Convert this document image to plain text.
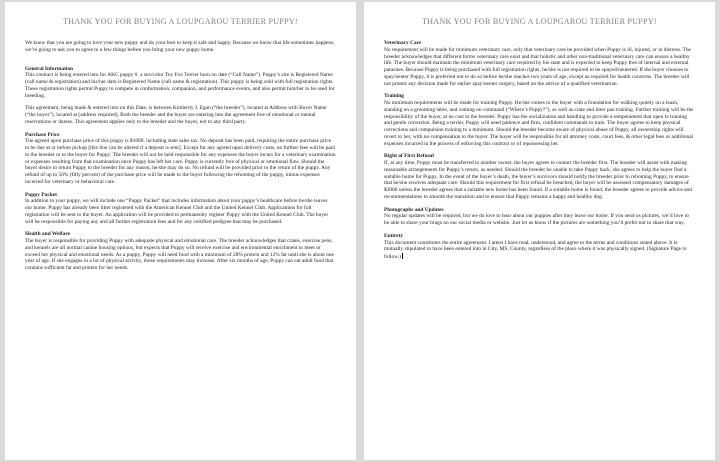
THANK YOU FOR BUYING A LOUPGAROU TERRIER PUPPY!

We know that you are going to love your new puppy and do your best to keep it safe and happy. Because we know that life sometimes happens, we’re going to ask you to agree to a few things before you bring your new puppy home.

General Information

This contract is being entered into for AKC puppy #, a sex/color Toy Fox Terrier born on date (“Call Name”). Puppy’s sire is Registered Name (call name & registration) and his/her dam is Registered Name (call name & registration). This puppy is being sold with full registration rights. These registration rights permit Puppy to compete in conformation, companion, and performance events, and also permit him/her to be used for breeding.

This agreement, being made & entered into on this Date, is between Kimberly J. Egan (“the breeder”), located at Address with Buyer Name (“the buyer”), located at [address required]. Both the breeder and the buyer are entering into the agreement free of emotional or mental reservations or duress. This agreement applies only to the breeder and the buyer, not to any third party.

Purchase Price

The agreed upon purchase price of this puppy is $1000, including state sales tax. No deposit has been paid, requiring the entire purchase price to be due at or before pickup [this line can be altered if a deposit is sent]. Except for any agreed upon delivery costs, no further fees will be paid to the breeder or to the buyer for Puppy. The breeder will not be held responsible for any expenses the buyer incurs for a veterinary examination or expenses resulting from that examination once Puppy has left her care. Puppy is currently free of physical or emotional flaw. Should the buyer desire to return Puppy to the breeder for any reason, he/she may do so. No refund will be provided prior to the return of the puppy. Any refund of up to 50% (fifty percent) of the purchase price will be made to the buyer following the rehoming of the puppy, minus expenses incurred for veterinary or behavioral care.

Puppy Packet

In addition to your puppy, we will include one “Puppy Packet” that includes information about your puppy’s healthcare before he/she leaves our home. Puppy has already been litter registered with the American Kennel Club and the United Kennel Club. Applications for full registration will be sent to the buyer. An application will be provided to permanently register Puppy with the United Kennel Club. The buyer will be responsible for paying any and all further registration fees and for any certified pedigree that may be purchased.

Health and Welfare

The buyer is responsible for providing Puppy with adequate physical and emotional care. The breeder acknowledges that crates, exercise pens, and kennels are all normal canine housing options, but expects that Puppy will receive exercise and environmental enrichment to meet or exceed her physical and emotional needs. As a puppy, Puppy will need food with a minimum of 28% protein and 12% fat until she is about one year of age. If she engages in a lot of physical activity, those requirements may increase. After six months of age, Puppy can eat adult food that contains sufficient fat and protein for her needs.

THANK YOU FOR BUYING A LOUPGAROU TERRIER PUPPY!
Veterinary Care

No requirement will be made for minimum veterinary care, only that veterinary care be provided when Puppy is ill, injured, or in distress. The breeder acknowledges that different forms veterinary care exist and that holistic and other non-traditional veterinary care can ensure a healthy life. The buyer should maintain the minimum veterinary care required by his state and is expected to keep Puppy free of internal and external parasites. Because Puppy is being purchased with full registration rights, he/she is not required to be spayed/neutered. If the buyer chooses to spay/neuter Puppy, it is preferred not to do so before he/she reaches two years of age, except as required for health concerns. The breeder will not protest any decision made for earlier spay/neuter surgery, based on the advice of a qualified veterinarian.

Training

No minimum requirements will be made for training Puppy. He/she comes to the buyer with a foundation for walking quietly on a leash, standing on a grooming table, and coming on command (“Where’s Puppy?”), as well as crate and litter pan training. Further training will be the responsibility of the buyer, at no cost to the breeder. Puppy has the socialization and handling to provide a temperament that open to training and gentle correction. Being a terrier, Puppy will need patience and firm, confident commands to train. The buyer agrees to keep physical corrections and compulsion training to a minimum. Should the breeder become aware of physical abuse of Puppy, all ownership rights will revert to her, with no compensation to the buyer. The buyer will be responsible for all attorney costs, court fees, & other legal fees or additional expenses incurred in the process of enforcing this contract or of repossessing her.

Right of First Refusal

If, at any time, Puppy must be transferred to another owner, the buyer agrees to contact the breeder first. The breeder will assist with making reasonable arrangements for Puppy’s return, as needed. Should the breeder be unable to take Puppy back, she agrees to help the buyer find a suitable home for Puppy. In the event of the buyer’s death, the buyer’s survivors should notify the breeder prior to rehoming Puppy, to ensure that he/she receives adequate care. Should this requirement for first refusal be breached, the buyer will be assessed compensatory damages of $3000 unless the breeder agrees that a suitable new home has been found. If a suitable home is found, the breeder agrees to provide advice and recommendations to smooth the transition and to ensure that Puppy remains a happy and healthy dog.

Photographs and Updates

No regular updates will be required, but we do love to hear about our puppies after they leave our home. If you send us pictures, we’d love to be able to share your brags on our social media or website. Just let us know if the pictures are something you’d prefer not to share that way.

Entirety

This document constitutes the entire agreement. I attest I have read, understood, and agree to the terms and conditions stated above. It is mutually stipulated to have been entered into in City, MS, County, regardless of the place where it was physically signed. (Signature Page to follow.)
